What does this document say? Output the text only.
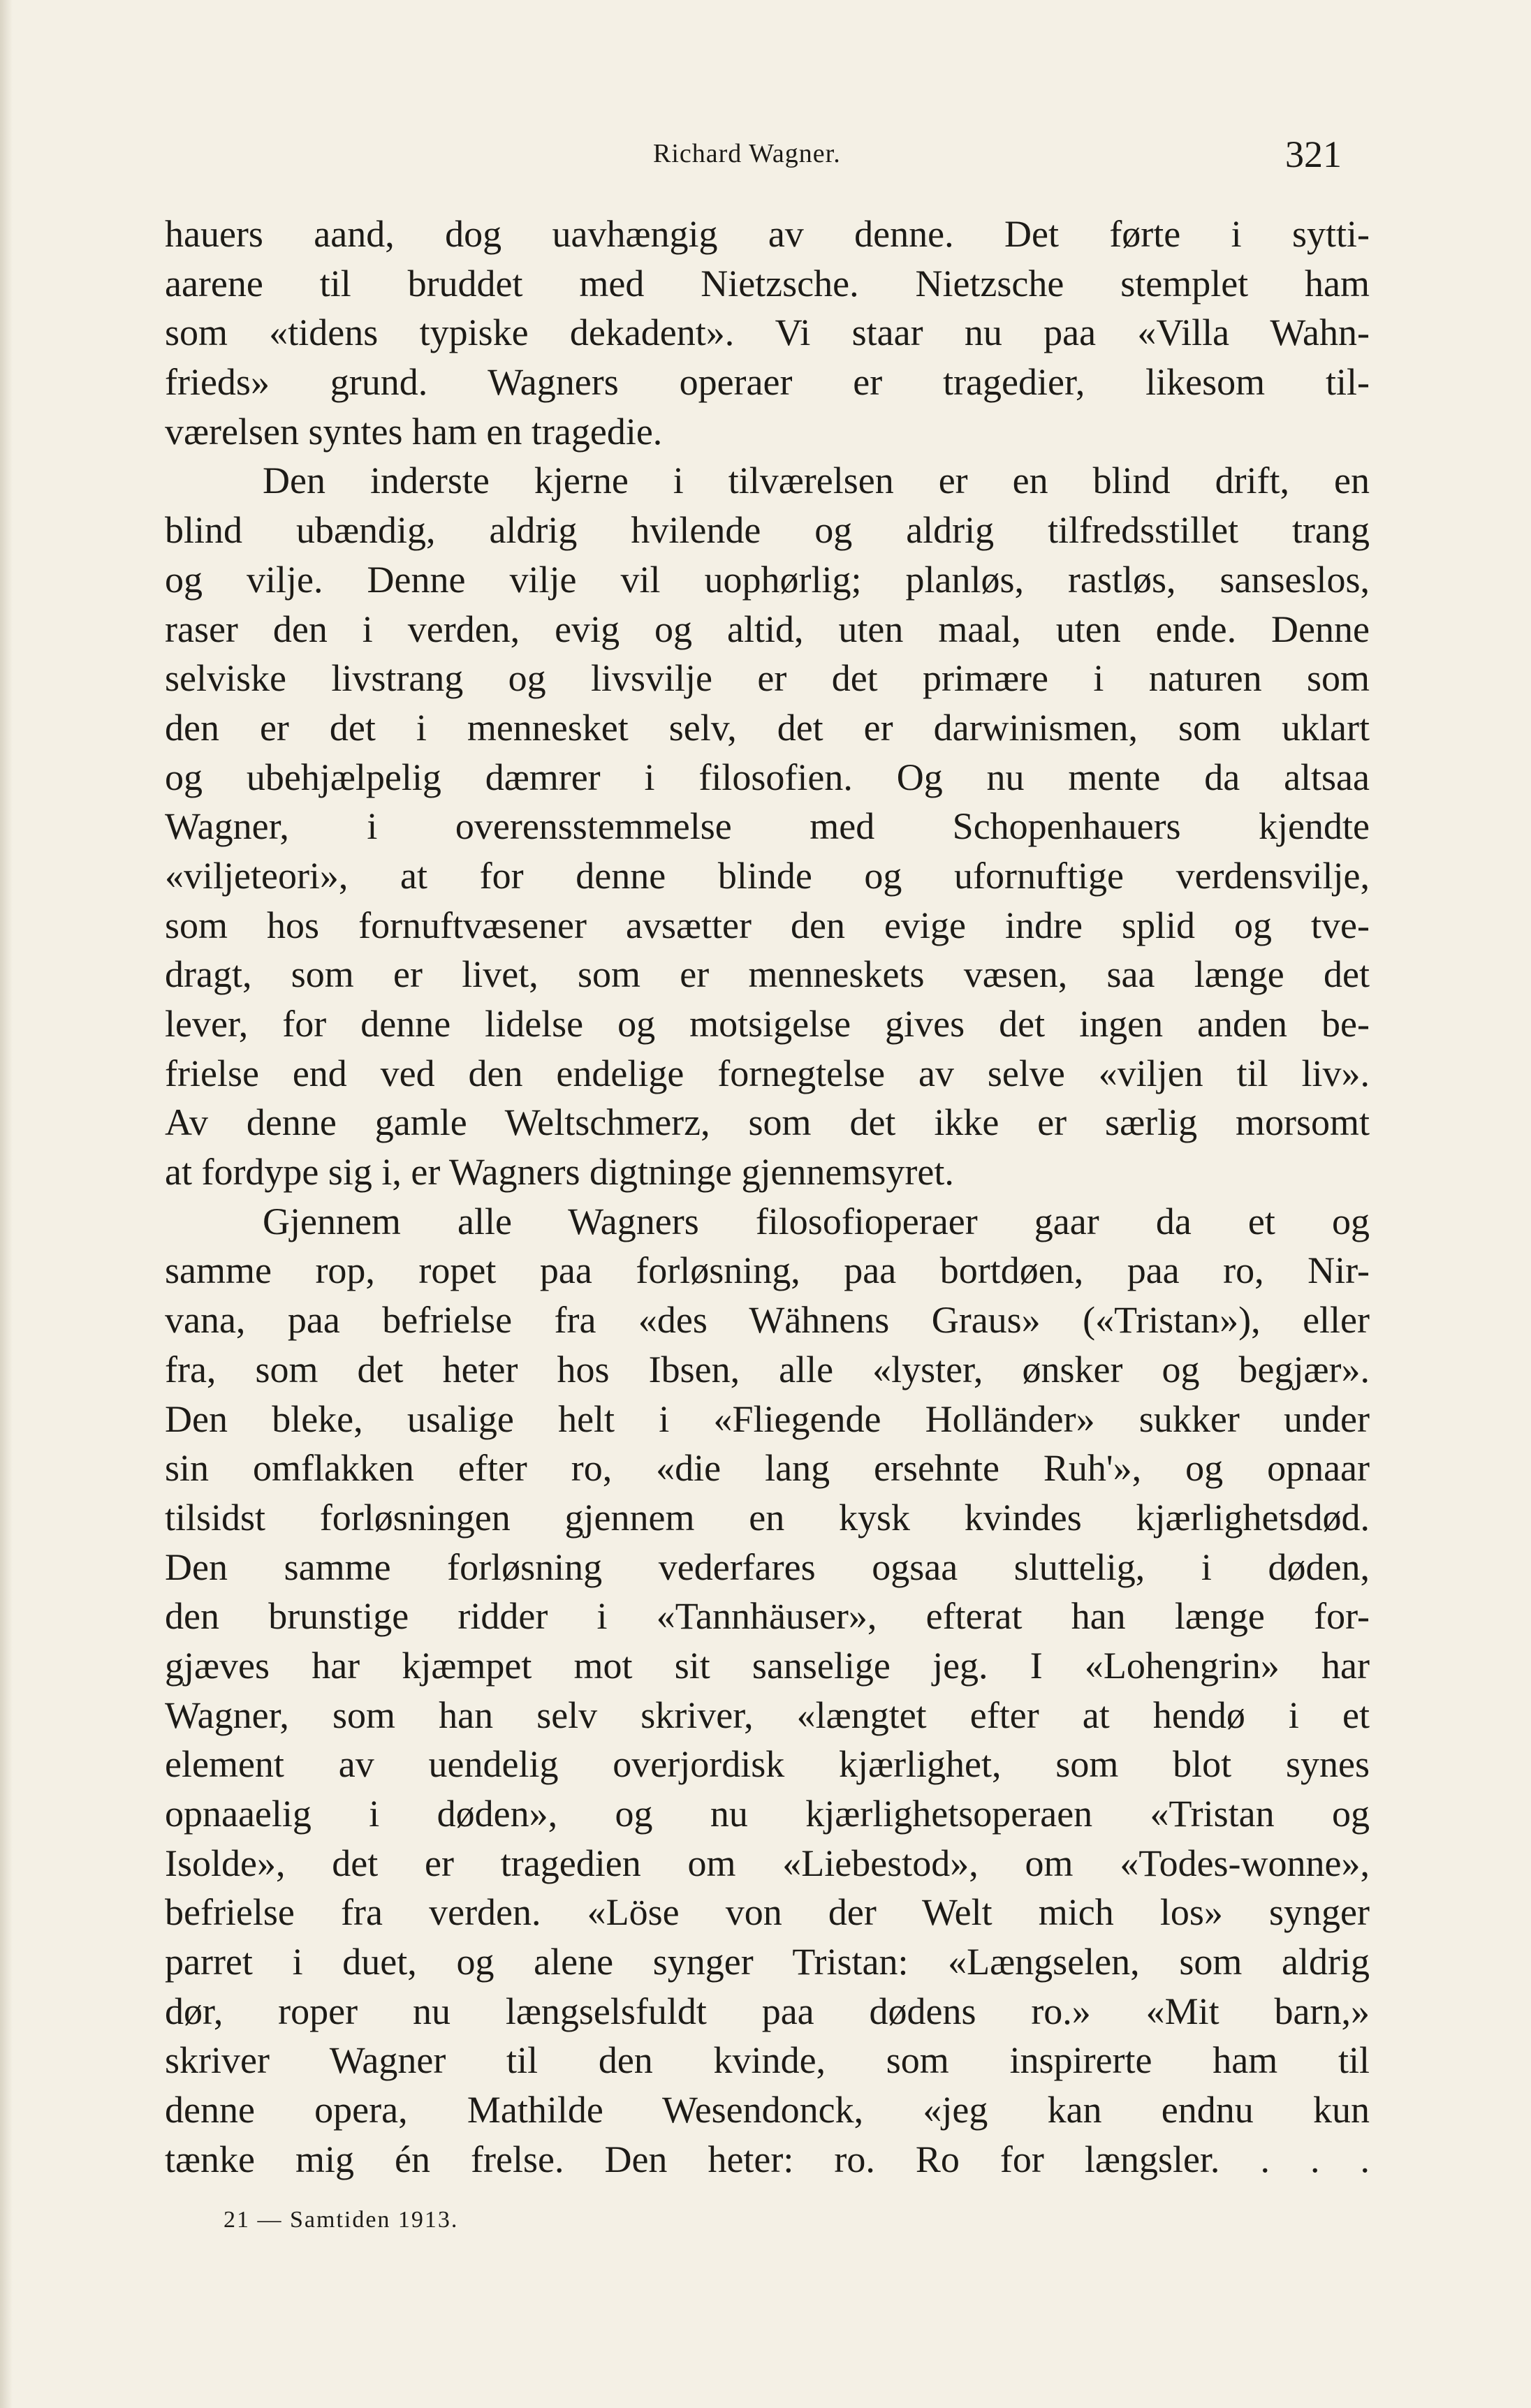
Richard Wagner.	321
hauers aand, dog uavhængig av denne. Det førte i sytti-
aarene til bruddet med Nietzsche. Nietzsche stemplet ham
som «tidens typiske dekadent». Vi staar nu paa «Villa Wahn-
frieds» grund. Wagners operaer er tragedier, likesom til-
værelsen syntes ham en tragedie.
Den inderste kjerne i tilværelsen er en blind drift, en
blind ubændig, aldrig hvilende og aldrig tilfredsstillet trang
og vilje. Denne vilje vil uophørlig; planløs, rastløs, sanseslos,
raser den i verden, evig og altid, uten maal, uten ende. Denne
selviske livstrang og livsvilje er det primære i naturen som
den er det i mennesket selv, det er darwinismen, som uklart
og ubehjælpelig dæmrer i filosofien. Og nu mente da altsaa
Wagner, i overensstemmelse med Schopenhauers kjendte
«viljeteori», at for denne blinde og ufornuftige verdensvilje,
som hos fornuftvæsener avsætter den evige indre splid og tve-
dragt, som er livet, som er menneskets væsen, saa længe det
lever, for denne lidelse og motsigelse gives det ingen anden be-
frielse end ved den endelige fornegtelse av selve «viljen til liv».
Av denne gamle Weltschmerz, som det ikke er særlig morsomt
at fordype sig i, er Wagners digtninge gjennemsyret.
Gjennem alle Wagners filosofioperaer gaar da et og
samme rop, ropet paa forløsning, paa bortdøen, paa ro, Nir-
vana, paa befrielse fra «des Wähnens Graus» («Tristan»), eller
fra, som det heter hos Ibsen, alle «lyster, ønsker og begjær».
Den bleke, usalige helt i «Fliegende Holländer» sukker under
sin omflakken efter ro, «die lang ersehnte Ruh'», og opnaar
tilsidst forløsningen gjennem en kysk kvindes kjærlighetsdød.
Den samme forløsning vederfares ogsaa sluttelig, i døden,
den brunstige ridder i «Tannhäuser», efterat han længe for-
gjæves har kjæmpet mot sit sanselige jeg. I «Lohengrin» har
Wagner, som han selv skriver, «længtet efter at hendø i et
element av uendelig overjordisk kjærlighet, som blot synes
opnaaelig i døden», og nu kjærlighetsoperaen «Tristan og
Isolde», det er tragedien om «Liebestod», om «Todes-wonne»,
befrielse fra verden. «Löse von der Welt mich los» synger
parret i duet, og alene synger Tristan: «Længselen, som aldrig
dør, roper nu længselsfuldt paa dødens ro.» «Mit barn,»
skriver Wagner til den kvinde, som inspirerte ham til
denne opera, Mathilde Wesendonck, «jeg kan endnu kun
tænke mig én frelse. Den heter: ro. Ro for længsler. . . .
21 — Samtiden 1913.
